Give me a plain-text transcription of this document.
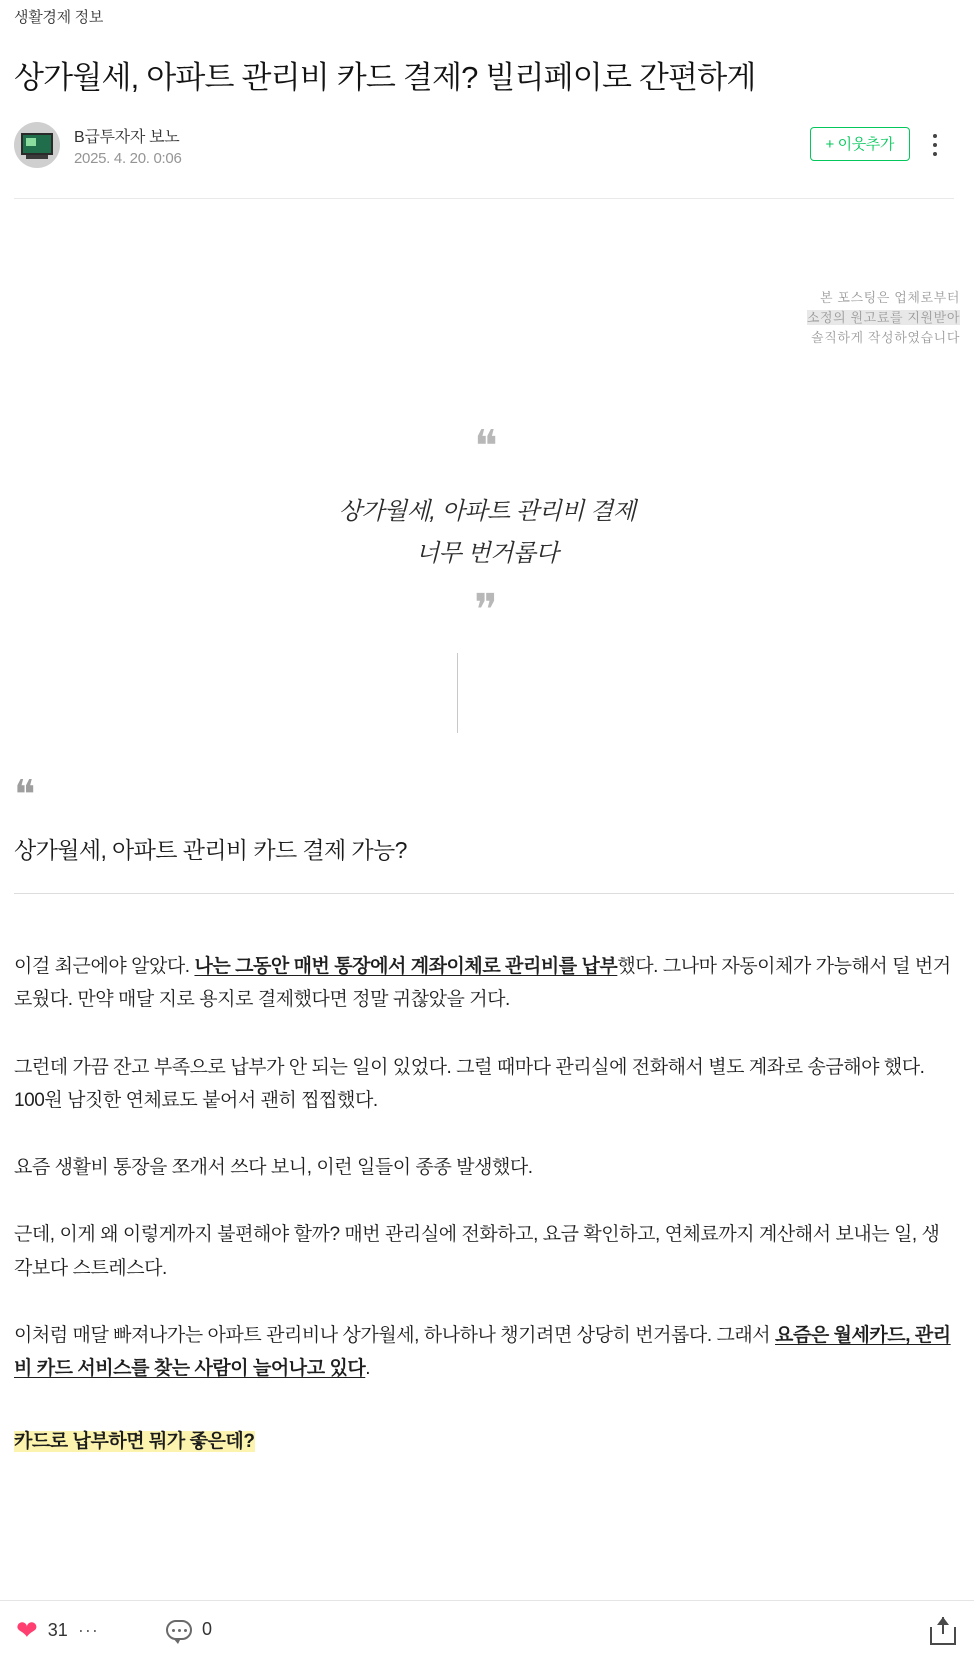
생활경제 정보
상가월세, 아파트 관리비 카드 결제? 빌리페이로 간편하게
B급투자자 보노
2025. 4. 20. 0:06
+ 이웃추가
본 포스팅은 업체로부터
소정의 원고료를 지원받아
솔직하게 작성하였습니다
❝
상가월세, 아파트 관리비 결제
너무 번거롭다
❞
❝
상가월세, 아파트 관리비 카드 결제 가능?

이걸 최근에야 알았다. 나는 그동안 매번 통장에서 계좌이체로 관리비를 납부했다. 그나마 자동이체가 가능해서 덜 번거로웠다. 만약 매달 지로 용지로 결제했다면 정말 귀찮았을 거다.

그런데 가끔 잔고 부족으로 납부가 안 되는 일이 있었다. 그럴 때마다 관리실에 전화해서 별도 계좌로 송금해야 했다. 100원 남짓한 연체료도 붙어서 괜히 찝찝했다.

요즘 생활비 통장을 쪼개서 쓰다 보니, 이런 일들이 종종 발생했다.

근데, 이게 왜 이렇게까지 불편해야 할까? 매번 관리실에 전화하고, 요금 확인하고, 연체료까지 계산해서 보내는 일, 생각보다 스트레스다.

이처럼 매달 빠져나가는 아파트 관리비나 상가월세, 하나하나 챙기려면 상당히 번거롭다. 그래서 요즘은 월세카드, 관리비 카드 서비스를 찾는 사람이 늘어나고 있다.

카드로 납부하면 뭐가 좋은데?

❤ 31 ···	0
